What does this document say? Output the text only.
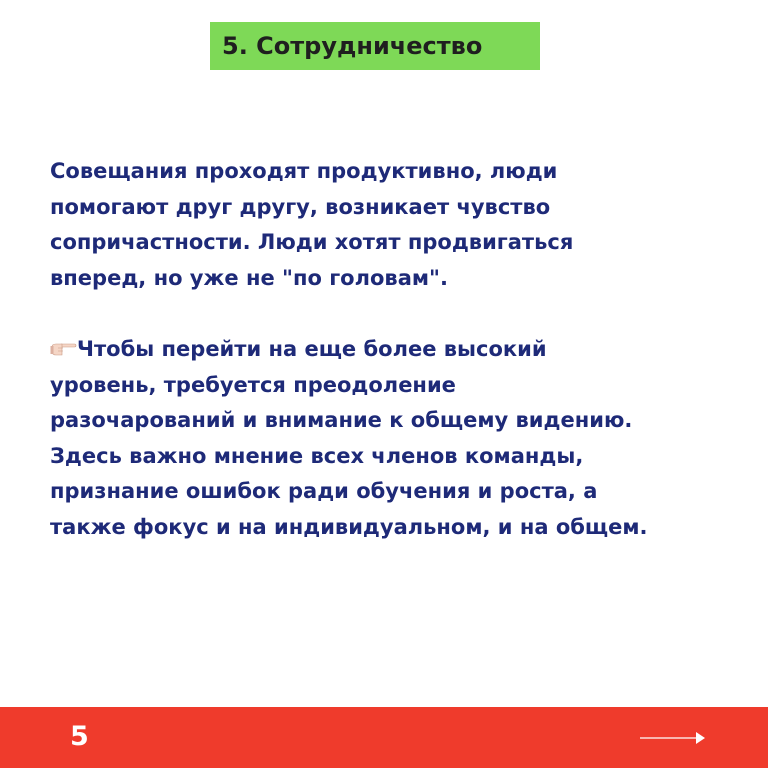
5. Сотрудничество
Совещания проходят продуктивно, люди
помогают друг другу, возникает чувство
сопричастности. Люди хотят продвигаться
вперед, но уже не "по головам".
Чтобы перейти на еще более высокий
уровень, требуется преодоление
разочарований и внимание к общему видению.
Здесь важно мнение всех членов команды,
признание ошибок ради обучения и роста, а
также фокус и на индивидуальном, и на общем.
5
